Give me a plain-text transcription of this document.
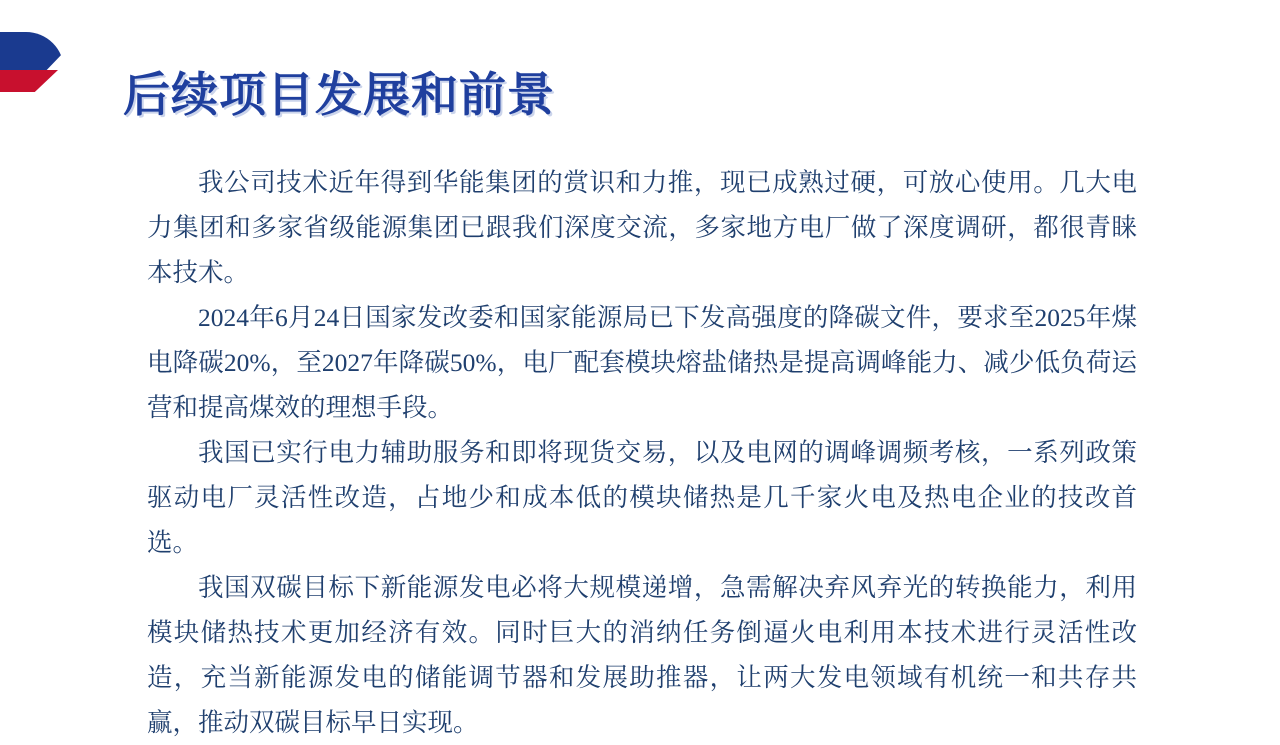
后续项目发展和前景

我公司技术近年得到华能集团的赏识和力推，现已成熟过硬，可放心使用。几大电力集团和多家省级能源集团已跟我们深度交流，多家地方电厂做了深度调研，都很青睐本技术。

2024年6月24日国家发改委和国家能源局已下发高强度的降碳文件，要求至2025年煤电降碳20%，至2027年降碳50%，电厂配套模块熔盐储热是提高调峰能力、减少低负荷运营和提高煤效的理想手段。

我国已实行电力辅助服务和即将现货交易，以及电网的调峰调频考核，一系列政策驱动电厂灵活性改造，占地少和成本低的模块储热是几千家火电及热电企业的技改首选。

我国双碳目标下新能源发电必将大规模递增，急需解决弃风弃光的转换能力，利用模块储热技术更加经济有效。同时巨大的消纳任务倒逼火电利用本技术进行灵活性改造，充当新能源发电的储能调节器和发展助推器，让两大发电领域有机统一和共存共赢，推动双碳目标早日实现。
